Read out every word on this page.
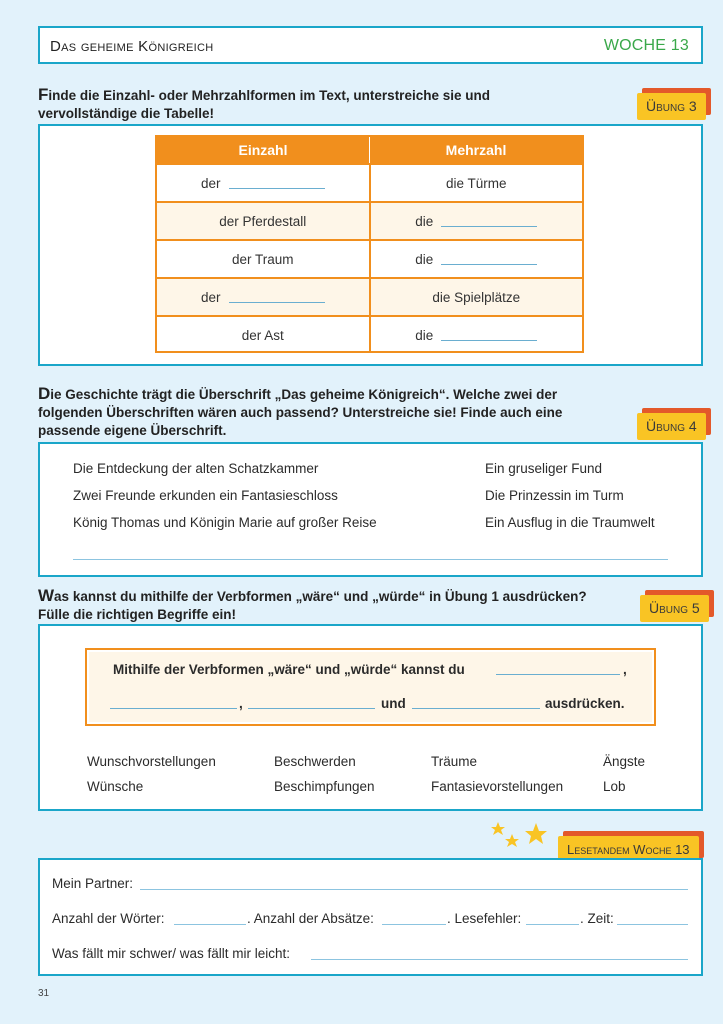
Das geheime Königreich	WOCHE 13
Finde die Einzahl- oder Mehrzahlformen im Text, unterstreiche sie und
vervollständige die Tabelle!	Übung 3
Einzahl	Mehrzahl
der	die Türme
der Pferdestall	die
der Traum	die
der	die Spielplätze
der Ast	die
Die Geschichte trägt die Überschrift „Das geheime Königreich“. Welche zwei der
folgenden Überschriften wären auch passend? Unterstreiche sie! Finde auch eine
passende eigene Überschrift.	Übung 4
Die Entdeckung der alten Schatzkammer
Zwei Freunde erkunden ein Fantasieschloss
König Thomas und Königin Marie auf großer Reise
Ein gruseliger Fund
Die Prinzessin im Turm
Ein Ausflug in die Traumwelt
Was kannst du mithilfe der Verbformen „wäre“ und „würde“ in Übung 1 ausdrücken?
Fülle die richtigen Begriffe ein!	Übung 5
Mithilfe der Verbformen „wäre“ und „würde“ kannst du	,
,	und	ausdrücken.
Wunschvorstellungen	Beschwerden	Träume	Ängste
Wünsche	Beschimpfungen	Fantasievorstellungen	Lob
Lesetandem Woche 13
Mein Partner:
Anzahl der Wörter:	. Anzahl der Absätze:	. Lesefehler:	. Zeit:
Was fällt mir schwer/ was fällt mir leicht:
31
